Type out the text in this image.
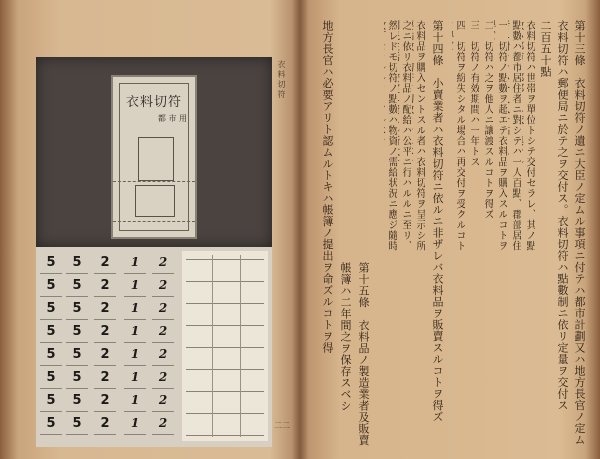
衣料切符
都 市 用
5
5
5
5
5
5
5
5
5
5
5
5
5
5
5
5
2
2
2
2
2
2
2
2
1
1
1
1
1
1
1
1
2
2
2
2
2
2
2
2
衣料切符
二二
第十三條　衣料切符ノ遺ニ大臣ノ定ムル事項ニ付テハ都市計劃又ハ地方長官ノ定ム
衣料切符ハ郵便局ニ於テ之ヲ交付ス。衣料切符ハ點數制ニ依リ定量ヲ交付ス
二百五十點
衣料切符ハ世帯ヲ單位トシテ交付セラレ、其ノ點
點數ハ都市居住者ニ對シテハ一人百點、郡部居住
一　切符ノ點數ヲ超エテ衣料品ヲ購入スルコトヲ
二　切符ハ之ヲ他人ニ讓渡スルコトヲ得ズ
三　切符ノ有效期間ハ一年トス
四　切符ヲ紛失シタル場合ハ再交付ヲ受クルコト
第十四條　小賣業者ハ衣料切符ニ依ルニ非ザレバ衣料品ヲ販賣スルコトヲ得ズ
衣料品ヲ購入セントスル者ハ衣料切符ヲ呈示シ所
之ニ依リ衣料品ノ配給ハ公平ニ行ハルルニ至リ、
然レドモ切符ノ點數ハ物資ノ需給状況ニ應ジ隨時
第十五條　衣料品ノ製造業者及販賣
帳簿ハ二年間之ヲ保存スベシ
地方長官ハ必要アリト認ムルトキハ帳簿ノ提出ヲ命ズルコトヲ得
